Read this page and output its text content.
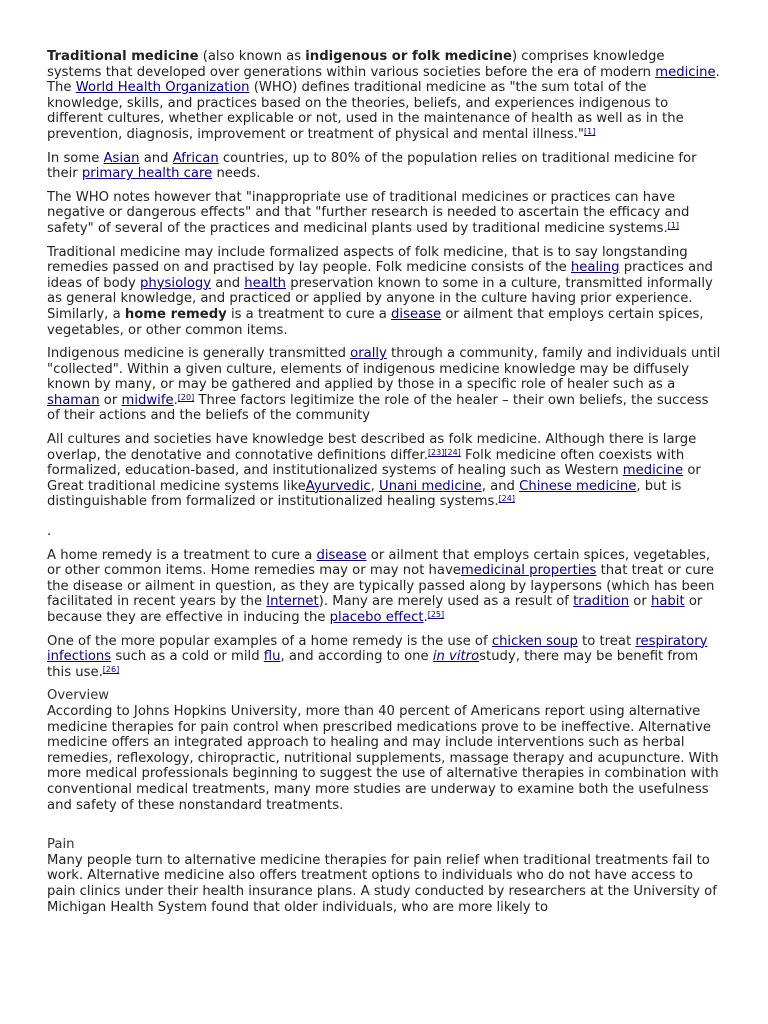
Traditional medicine (also known as indigenous or folk medicine) comprises knowledge systems that developed over generations within various societies before the era of modern medicine. The World Health Organization (WHO) defines traditional medicine as "the sum total of the knowledge, skills, and practices based on the theories, beliefs, and experiences indigenous to different cultures, whether explicable or not, used in the maintenance of health as well as in the prevention, diagnosis, improvement or treatment of physical and mental illness."[1]

In some Asian and African countries, up to 80% of the population relies on traditional medicine for their primary health care needs.

The WHO notes however that "inappropriate use of traditional medicines or practices can have negative or dangerous effects" and that "further research is needed to ascertain the efficacy and safety" of several of the practices and medicinal plants used by traditional medicine systems.[1]

Traditional medicine may include formalized aspects of folk medicine, that is to say longstanding remedies passed on and practised by lay people. Folk medicine consists of the healing practices and ideas of body physiology and health preservation known to some in a culture, transmitted informally as general knowledge, and practiced or applied by anyone in the culture having prior experience. Similarly, a home remedy is a treatment to cure a disease or ailment that employs certain spices, vegetables, or other common items.

Indigenous medicine is generally transmitted orally through a community, family and individuals until "collected". Within a given culture, elements of indigenous medicine knowledge may be diffusely known by many, or may be gathered and applied by those in a specific role of healer such as a shaman or midwife.[20] Three factors legitimize the role of the healer – their own beliefs, the success of their actions and the beliefs of the community

All cultures and societies have knowledge best described as folk medicine. Although there is large overlap, the denotative and connotative definitions differ.[23][24] Folk medicine often coexists with formalized, education-based, and institutionalized systems of healing such as Western medicine or Great traditional medicine systems likeAyurvedic, Unani medicine, and Chinese medicine, but is distinguishable from formalized or institutionalized healing systems.[24]

.

A home remedy is a treatment to cure a disease or ailment that employs certain spices, vegetables, or other common items. Home remedies may or may not havemedicinal properties that treat or cure the disease or ailment in question, as they are typically passed along by laypersons (which has been facilitated in recent years by the Internet). Many are merely used as a result of tradition or habit or because they are effective in inducing the placebo effect.[25]

One of the more popular examples of a home remedy is the use of chicken soup to treat respiratory infections such as a cold or mild flu, and according to one in vitrostudy, there may be benefit from this use.[26]

Overview

According to Johns Hopkins University, more than 40 percent of Americans report using alternative medicine therapies for pain control when prescribed medications prove to be ineffective. Alternative medicine offers an integrated approach to healing and may include interventions such as herbal remedies, reflexology, chiropractic, nutritional supplements, massage therapy and acupuncture. With more medical professionals beginning to suggest the use of alternative therapies in combination with conventional medical treatments, many more studies are underway to examine both the usefulness and safety of these nonstandard treatments.

Pain

Many people turn to alternative medicine therapies for pain relief when traditional treatments fail to work. Alternative medicine also offers treatment options to individuals who do not have access to pain clinics under their health insurance plans. A study conducted by researchers at the University of Michigan Health System found that older individuals, who are more likely to
